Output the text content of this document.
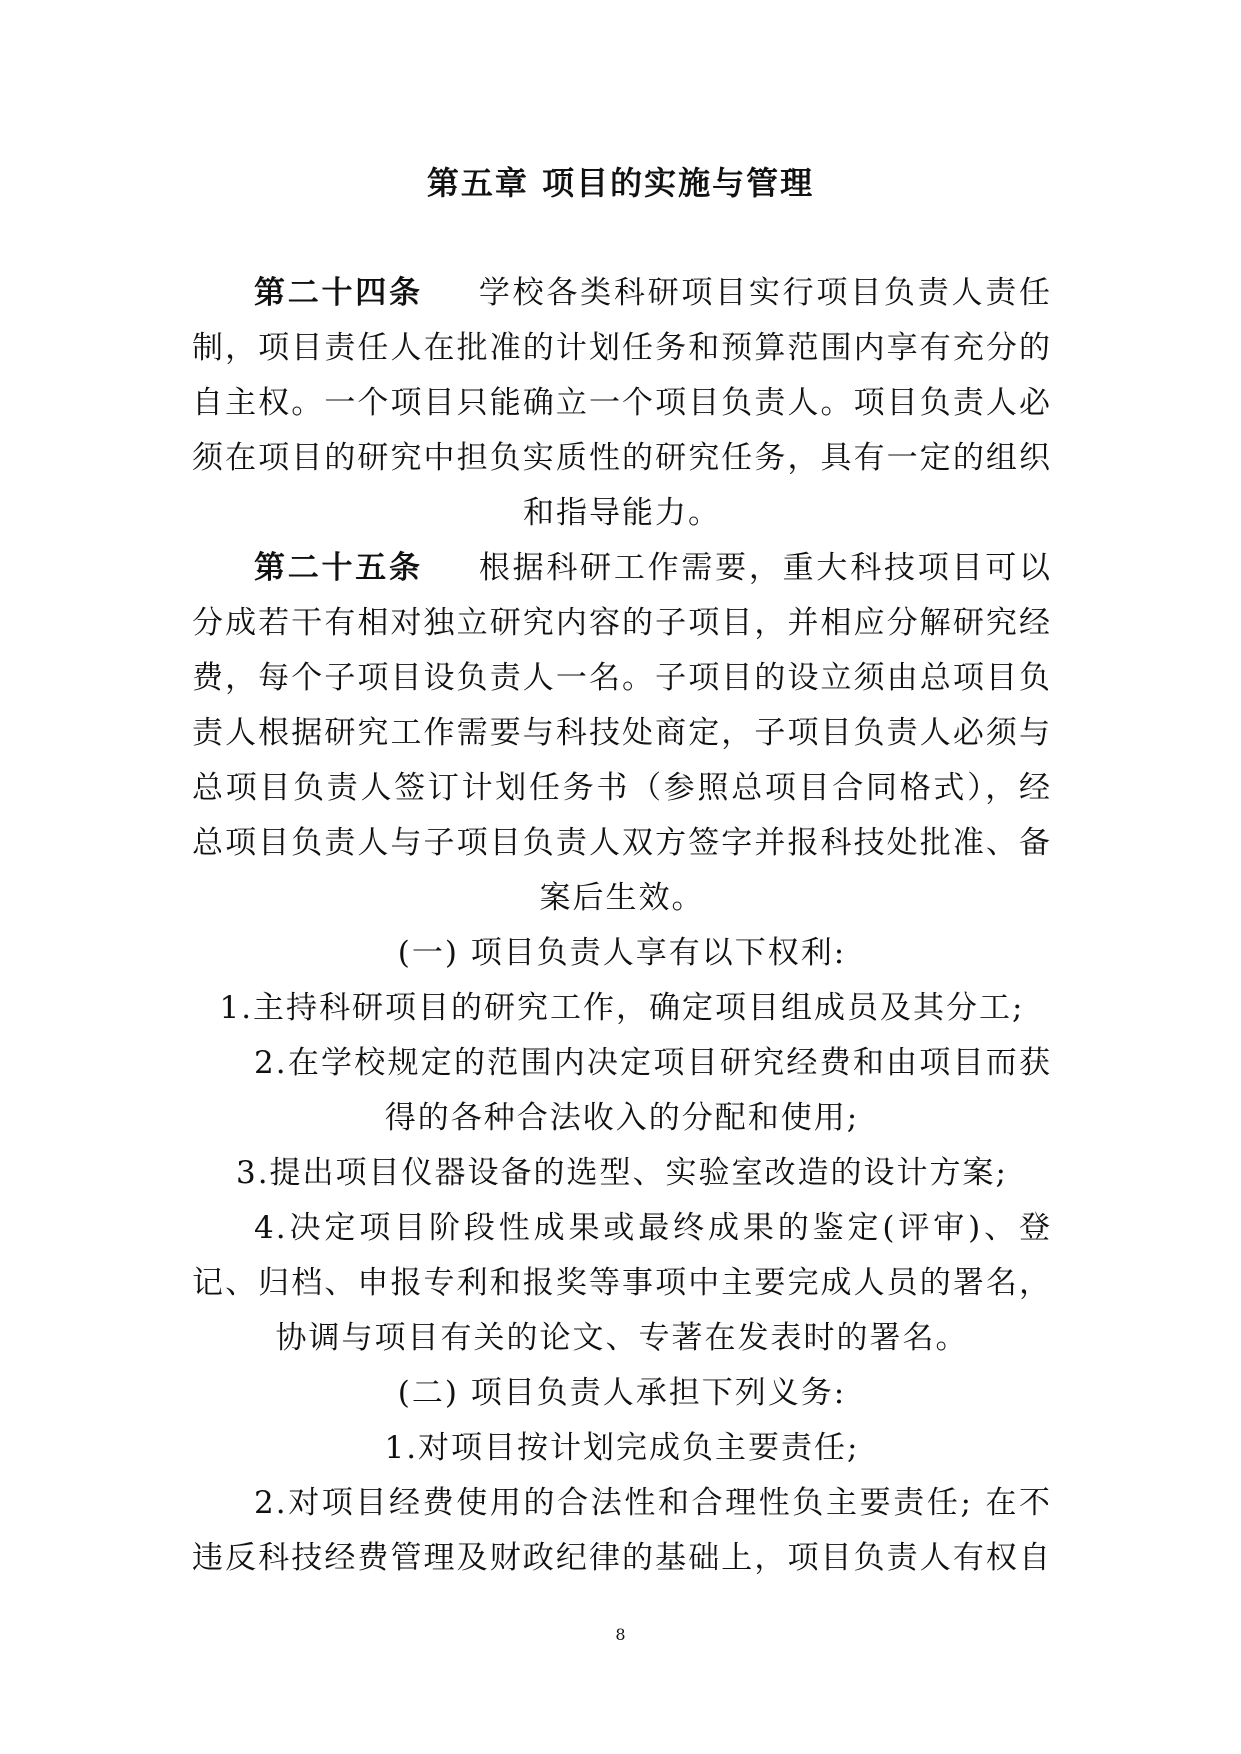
第五章 项目的实施与管理

第二十四条 学校各类科研项目实行项目负责人责任制，项目责任人在批准的计划任务和预算范围内享有充分的自主权。一个项目只能确立一个项目负责人。项目负责人必须在项目的研究中担负实质性的研究任务，具有一定的组织和指导能力。

第二十五条 根据科研工作需要，重大科技项目可以分成若干有相对独立研究内容的子项目，并相应分解研究经费，每个子项目设负责人一名。子项目的设立须由总项目负责人根据研究工作需要与科技处商定，子项目负责人必须与总项目负责人签订计划任务书（参照总项目合同格式），经总项目负责人与子项目负责人双方签字并报科技处批准、备案后生效。

(一) 项目负责人享有以下权利:

1.主持科研项目的研究工作，确定项目组成员及其分工;

2.在学校规定的范围内决定项目研究经费和由项目而获得的各种合法收入的分配和使用;

3.提出项目仪器设备的选型、实验室改造的设计方案;

4.决定项目阶段性成果或最终成果的鉴定(评审)、登记、归档、申报专利和报奖等事项中主要完成人员的署名，协调与项目有关的论文、专著在发表时的署名。

(二) 项目负责人承担下列义务:

1.对项目按计划完成负主要责任;

2.对项目经费使用的合法性和合理性负主要责任; 在不违反科技经费管理及财政纪律的基础上，项目负责人有权自

8
